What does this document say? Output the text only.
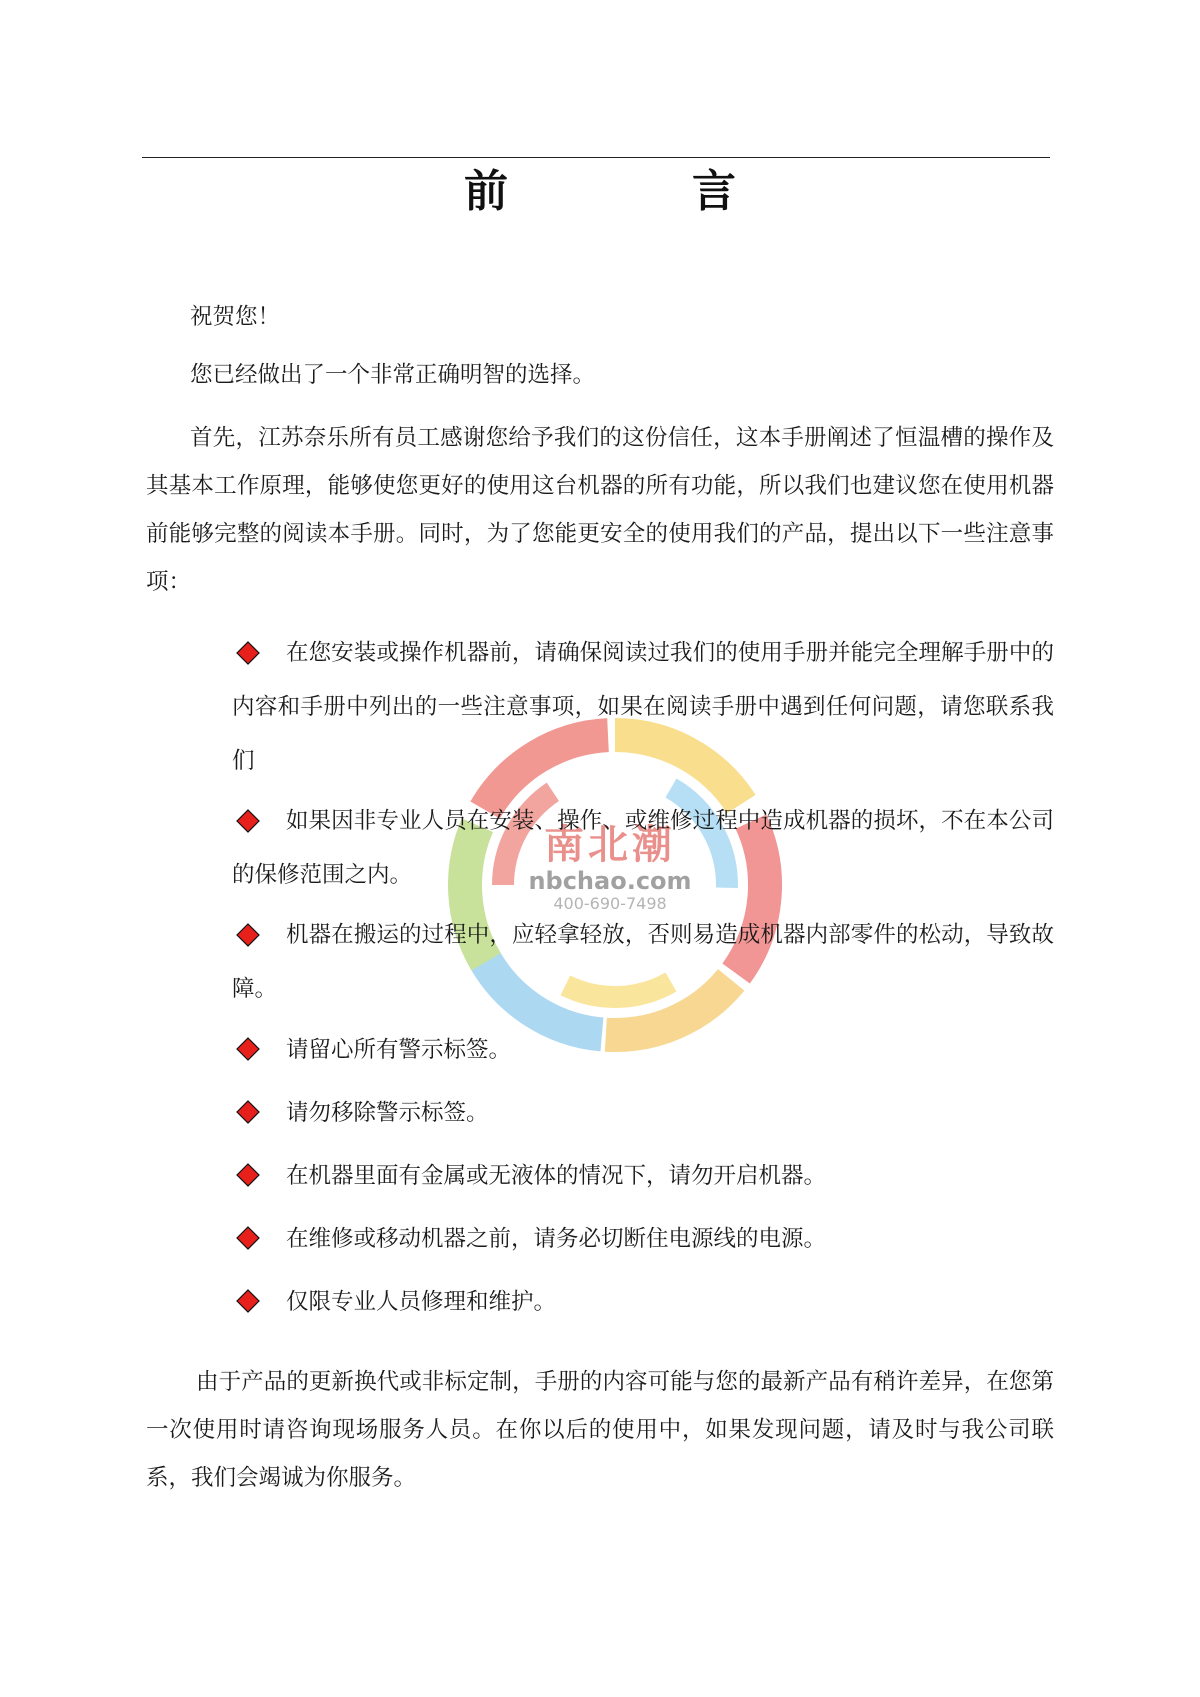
前　言
南北潮
nbchao.com
400-690-7498
祝贺您！
您已经做出了一个非常正确明智的选择。
首先，江苏奈乐所有员工感谢您给予我们的这份信任，这本手册阐述了恒温槽的操作及其基本工作原理，能够使您更好的使用这台机器的所有功能，所以我们也建议您在使用机器前能够完整的阅读本手册。同时，为了您能更安全的使用我们的产品，提出以下一些注意事项：
在您安装或操作机器前，请确保阅读过我们的使用手册并能完全理解手册中的内容和手册中列出的一些注意事项，如果在阅读手册中遇到任何问题，请您联系我们
如果因非专业人员在安装、操作、或维修过程中造成机器的损坏，不在本公司的保修范围之内。
机器在搬运的过程中，应轻拿轻放，否则易造成机器内部零件的松动，导致故障。
请留心所有警示标签。
请勿移除警示标签。
在机器里面有金属或无液体的情况下，请勿开启机器。
在维修或移动机器之前，请务必切断住电源线的电源。
仅限专业人员修理和维护。
由于产品的更新换代或非标定制，手册的内容可能与您的最新产品有稍许差异，在您第一次使用时请咨询现场服务人员。在你以后的使用中，如果发现问题，请及时与我公司联系，我们会竭诚为你服务。
